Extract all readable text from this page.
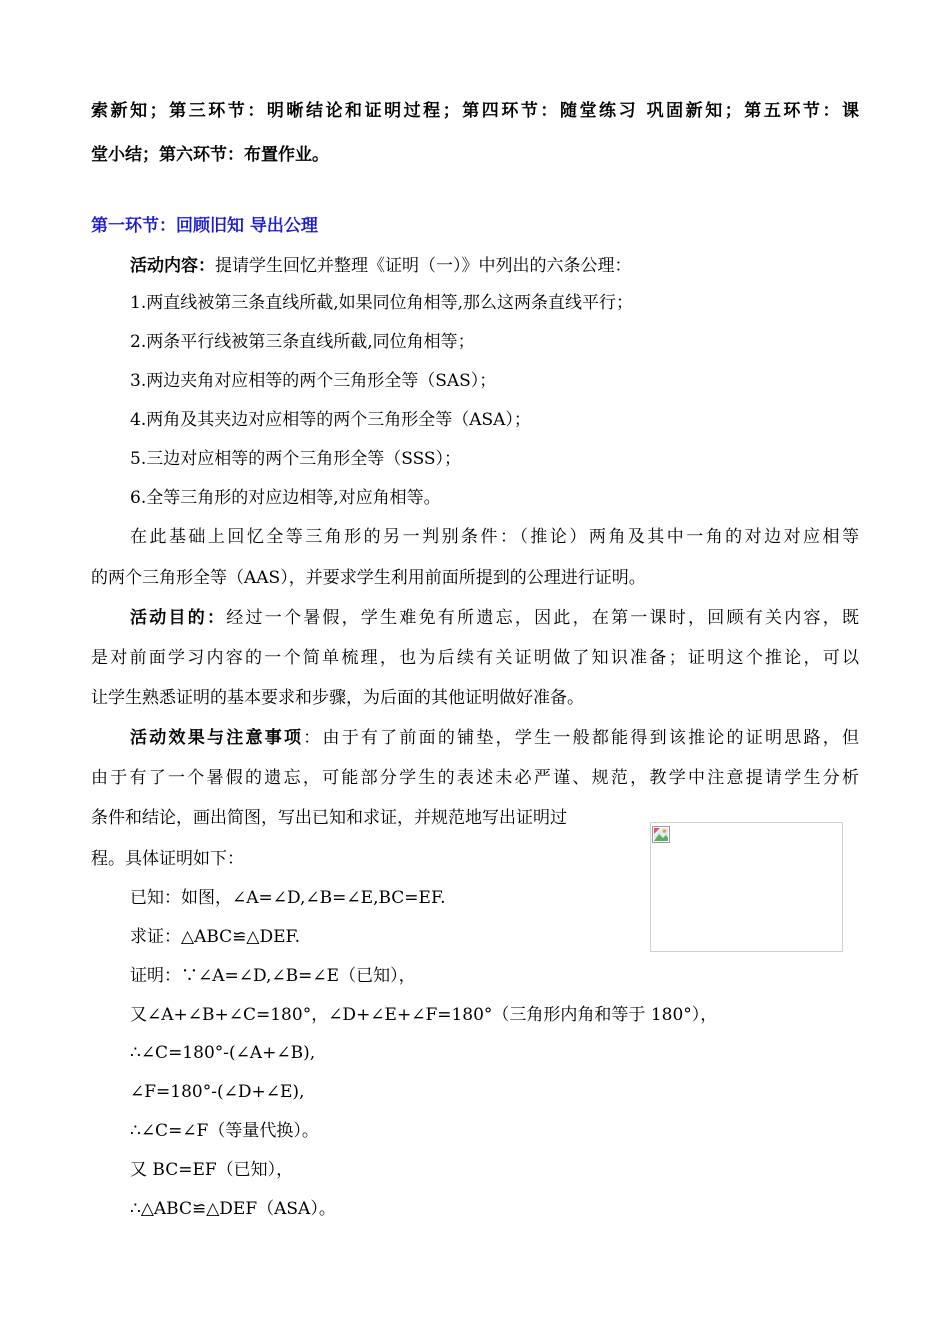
索新知；第三环节：明晰结论和证明过程；第四环节：随堂练习 巩固新知；第五环节：课
堂小结；第六环节：布置作业。
第一环节：回顾旧知 导出公理
活动内容：提请学生回忆并整理《证明（一）》中列出的六条公理：
1.两直线被第三条直线所截,如果同位角相等,那么这两条直线平行；
2.两条平行线被第三条直线所截,同位角相等；
3.两边夹角对应相等的两个三角形全等（SAS）；
4.两角及其夹边对应相等的两个三角形全等（ASA）；
5.三边对应相等的两个三角形全等（SSS）；
6.全等三角形的对应边相等,对应角相等。
在此基础上回忆全等三角形的另一判别条件：（推论）两角及其中一角的对边对应相等
的两个三角形全等（AAS），并要求学生利用前面所提到的公理进行证明。
活动目的：经过一个暑假，学生难免有所遗忘，因此，在第一课时，回顾有关内容，既
是对前面学习内容的一个简单梳理，也为后续有关证明做了知识准备；证明这个推论，可以
让学生熟悉证明的基本要求和步骤，为后面的其他证明做好准备。
活动效果与注意事项：由于有了前面的铺垫，学生一般都能得到该推论的证明思路，但
由于有了一个暑假的遗忘，可能部分学生的表述未必严谨、规范，教学中注意提请学生分析
条件和结论，画出简图，写出已知和求证，并规范地写出证明过
程。具体证明如下：
已知：如图，∠A=∠D,∠B=∠E,BC=EF.
求证：△ABC≌△DEF.
证明：∵∠A=∠D,∠B=∠E（已知），
又∠A+∠B+∠C=180°，∠D+∠E+∠F=180°（三角形内角和等于 180°），
∴∠C=180°-(∠A+∠B),
∠F=180°-(∠D+∠E),
∴∠C=∠F（等量代换）。
又 BC=EF（已知），
∴△ABC≌△DEF（ASA）。
